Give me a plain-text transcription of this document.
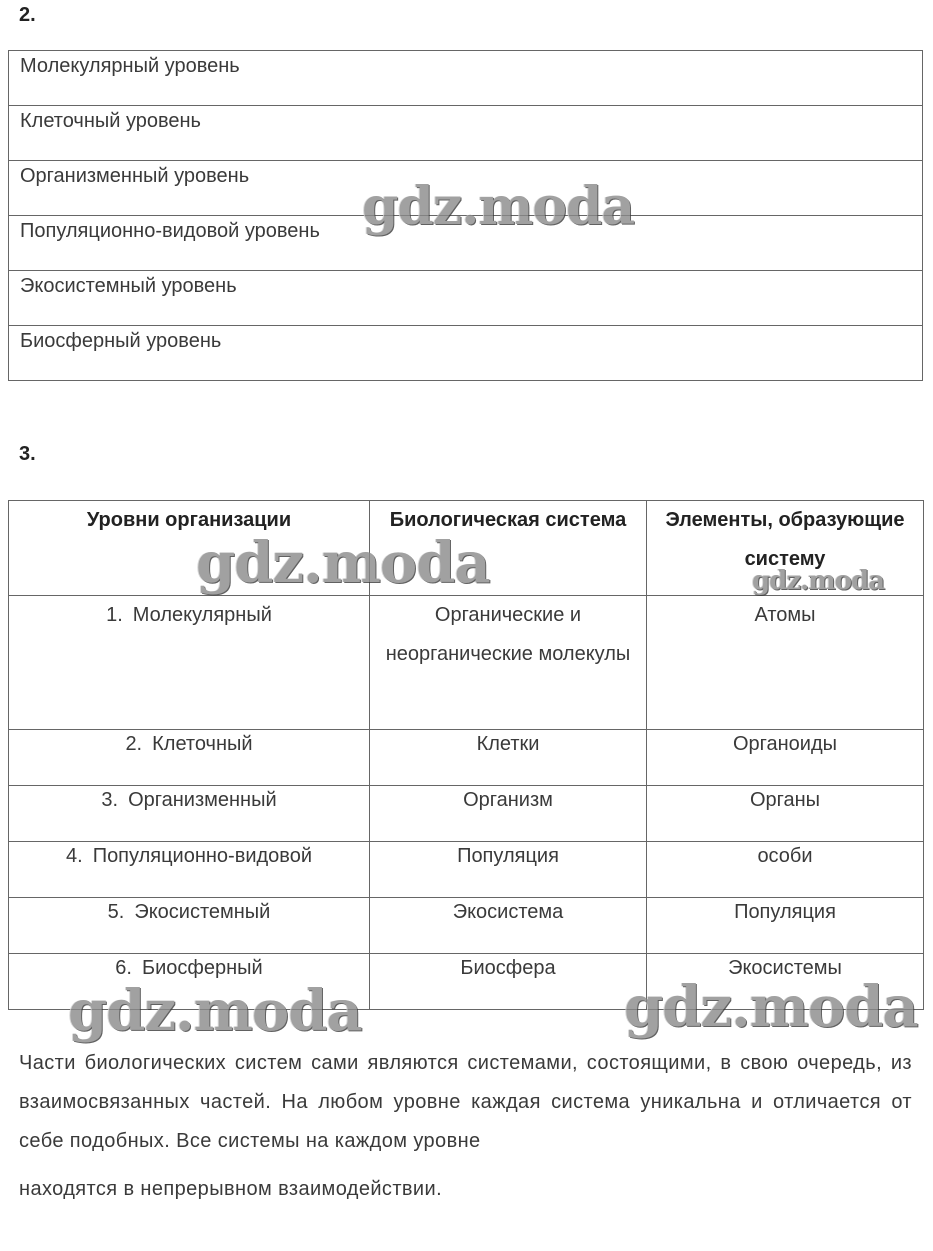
2.
Молекулярный уровень
Клеточный уровень
Организменный уровень
Популяционно-видовой уровень
Экосистемный уровень
Биосферный уровень
3.
Уровни организации	Биологическая система	Элементы, образующие систему
1. Молекулярный	Органические и неорганические молекулы	Атомы
2. Клеточный	Клетки	Органоиды
3. Организменный	Организм	Органы
4. Популяционно-видовой	Популяция	особи
5. Экосистемный	Экосистема	Популяция
6. Биосферный	Биосфера	Экосистемы
Части биологических систем сами являются системами, состоящими, в свою очередь, из взаимосвязанных частей. На любом уровне каждая система уникальна и отличается от себе подобных. Все системы на каждом уровне
находятся в непрерывном взаимодействии.
gdz.moda
gdz.moda	gdz.moda
gdz.moda	gdz.moda
